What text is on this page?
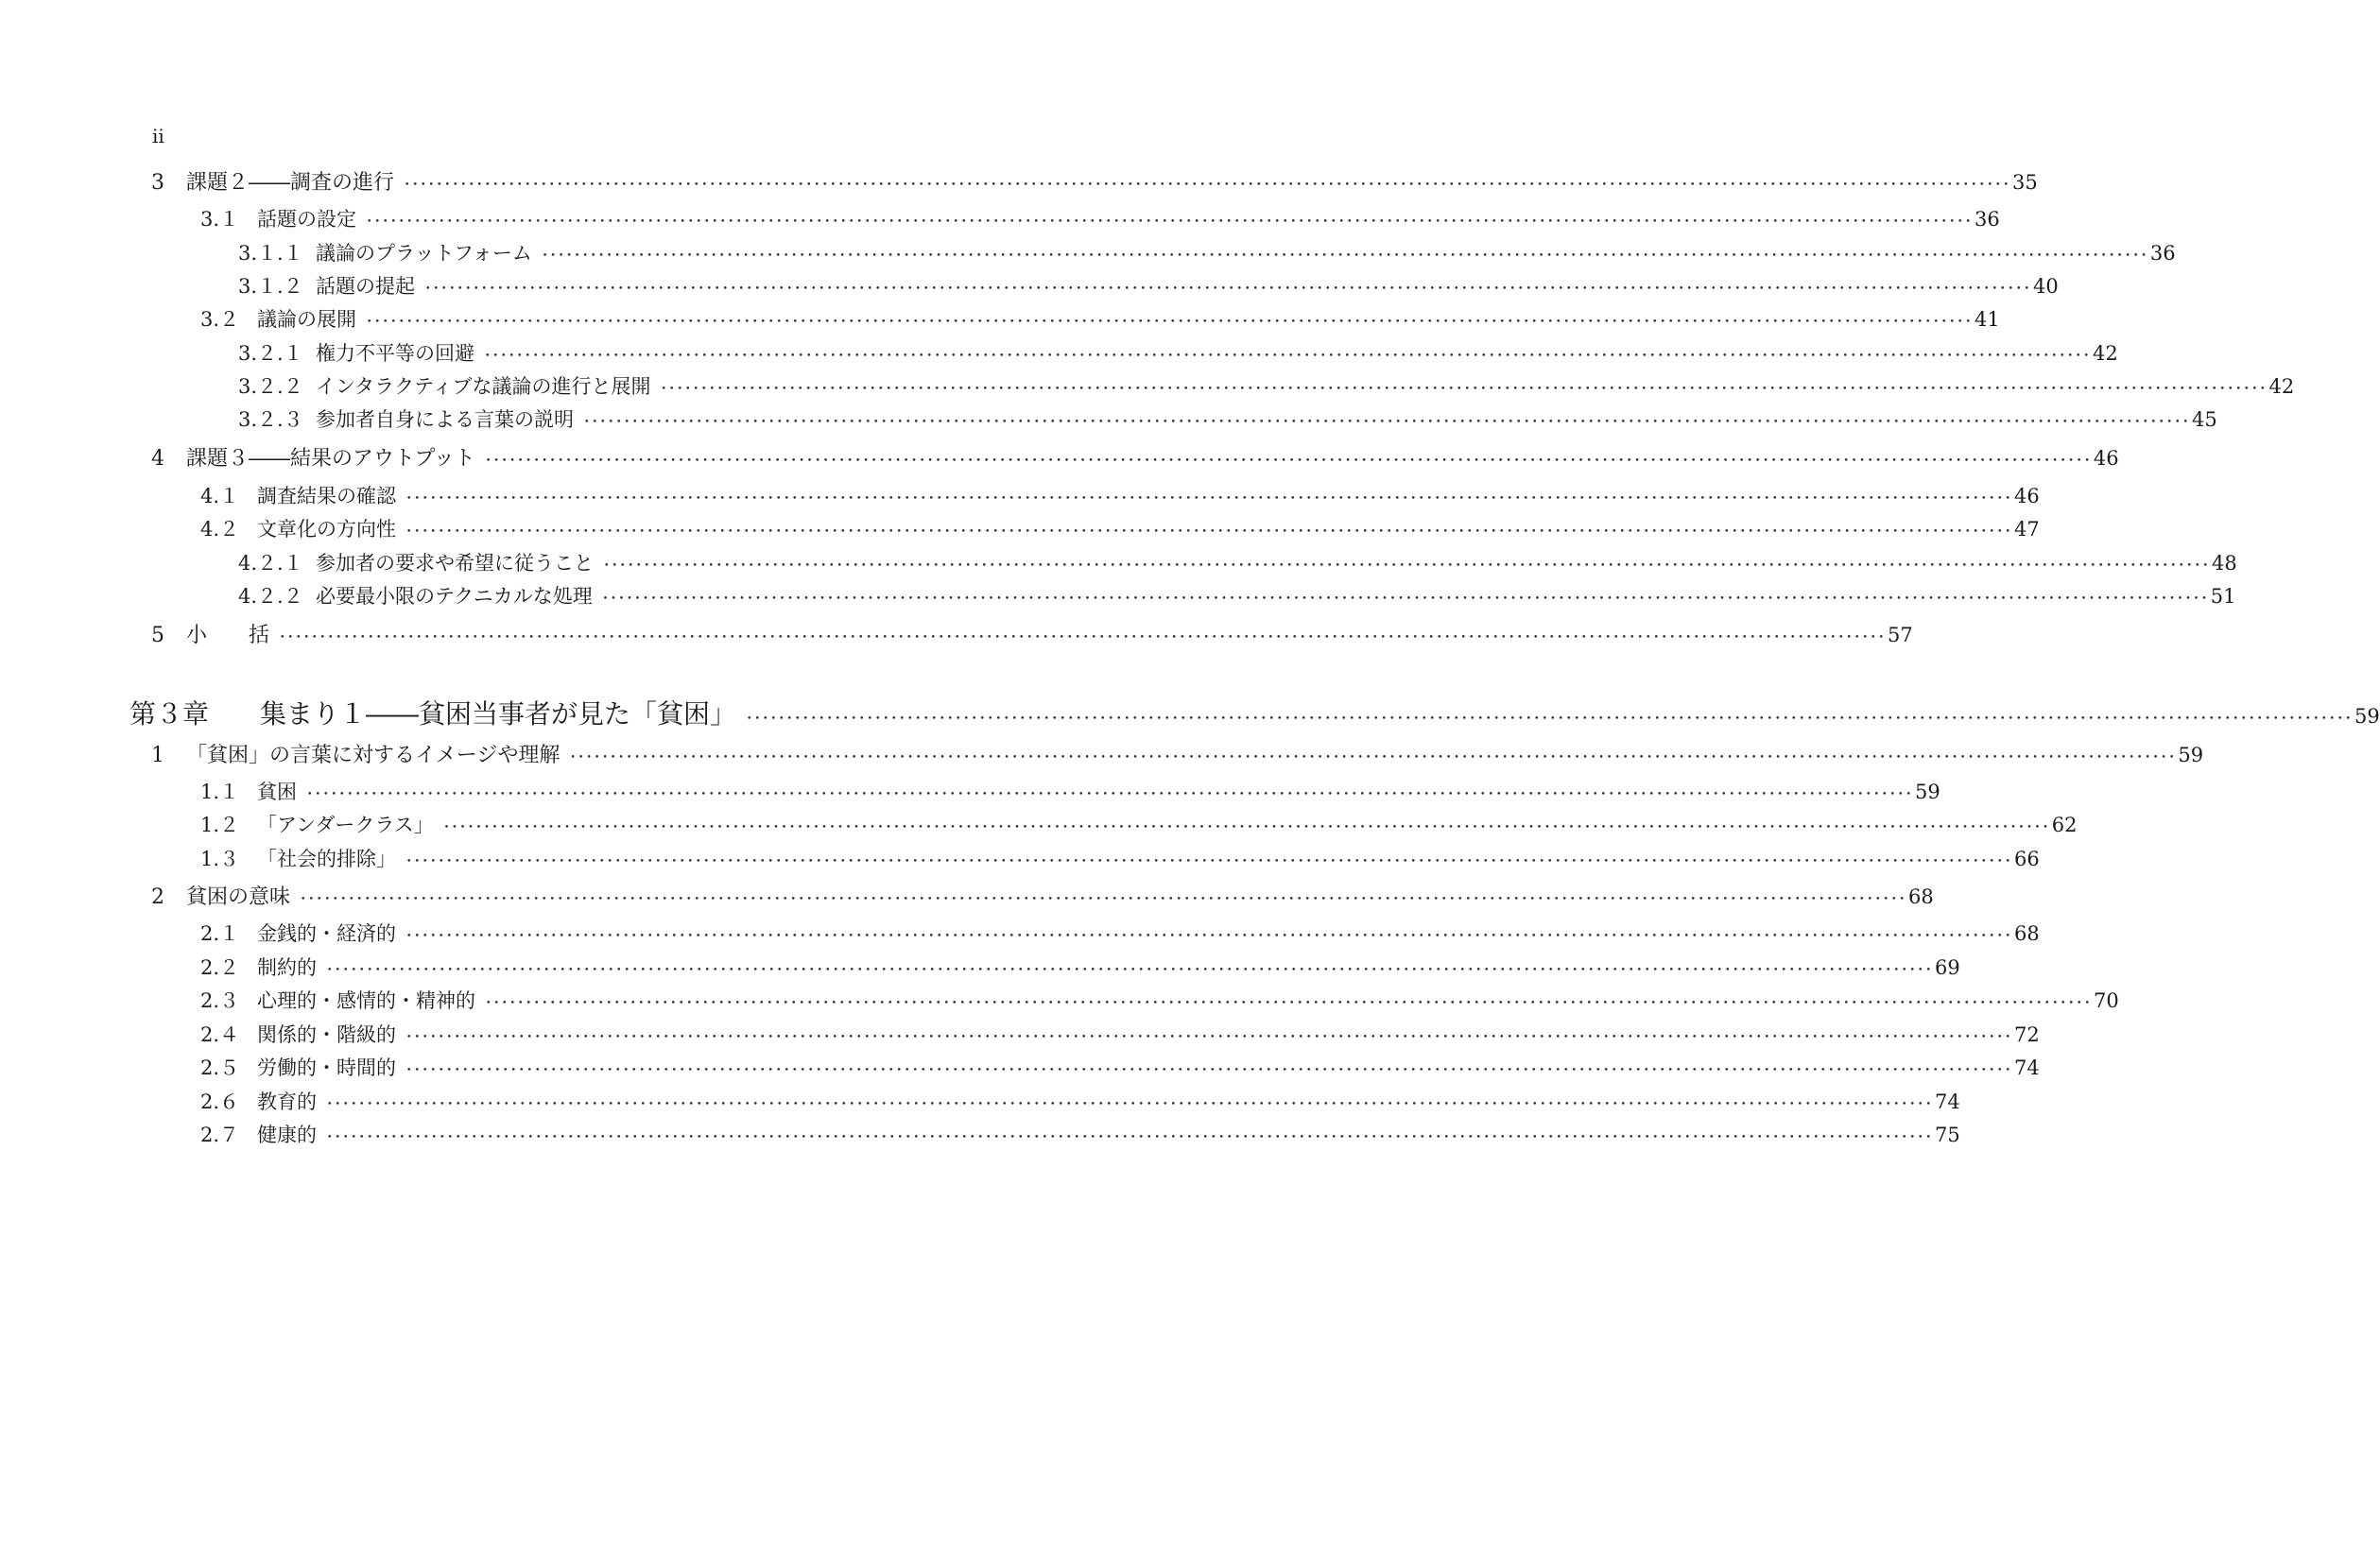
ii
3	課題２――調査の進行 ････････････････････････････････････････････････････････････････････････････････････････････････････････････････････････････････････････････････････････････････････････････････････････････････････････ 35
3.１ 話題の設定 ････････････････････････････････････････････････････････････････････････････････････････････････････････････････････････････････････････････････････････････････････････････････････････････････････････ 36
3.１.１ 議論のプラットフォーム ････････････････････････････････････････････････････････････････････････････････････････････････････････････････････････････････････････････････････････････････････････････････････････････････････････ 36
3.１.２ 話題の提起 ････････････････････････････････････････････････････････････････････････････････････････････････････････････････････････････････････････････････････････････････････････････････････････････････････････ 40
3.２ 議論の展開 ････････････････････････････････････････････････････････････････････････････････････････････････････････････････････････････････････････････････････････････････････････････････････････････････････････ 41
3.２.１ 権力不平等の回避 ････････････････････････････････････････････････････････････････････････････････････････････････････････････････････････････････････････････････････････････････････････････････････････････････････････ 42
3.２.２ インタラクティブな議論の進行と展開 ････････････････････････････････････････････････････････････････････････････････････････････････････････････････････････････････････････････････････････････････････････････････････････････････････････ 42
3.２.３ 参加者自身による言葉の説明 ････････････････････････････････････････････････････････････････････････････････････････････････････････････････････････････････････････････････････････････････････････････････････････････････････････ 45
4	課題３――結果のアウトプット ････････････････････････････････････････････････････････････････････････････････････････････････････････････････････････････････････････････････････････････････････････････････････････････････････････ 46
4.１ 調査結果の確認 ････････････････････････････････････････････････････････････････････････････････････････････････････････････････････････････････････････････････････････････････････････････････････････････････････････ 46
4.２ 文章化の方向性 ････････････････････････････････････････････････････････････････････････････････････････････････････････････････････････････････････････････････････････････････････････････････････････････････････････ 47
4.２.１ 参加者の要求や希望に従うこと ････････････････････････････････････････････････････････････････････････････････････････････････････････････････････････････････････････････････････････････････････････････････････････････････････････ 48
4.２.２ 必要最小限のテクニカルな処理 ････････････････････････････････････････････････････････････････････････････････････････････････････････････････････････････････････････････････････････････････････････････････････････････････････････ 51
5	小　　括 ････････････････････････････････････････････････････････････････････････････････････････････････････････････････････････････････････････････････････････････････････････････････････････････････････････ 57
第３章	集まり１――貧困当事者が見た「貧困」 ････････････････････････････････････････････････････････････････････････････････････････････････････････････････････････････････････････････････････････････････････････････････････････････････････････ 59
1	「貧困」の言葉に対するイメージや理解 ････････････････････････････････････････････････････････････････････････････････････････････････････････････････････････････････････････････････････････････････････････････････････････････････････････ 59
1.１ 貧困 ････････････････････････････････････････････････････････････････････････････････････････････････････････････････････････････････････････････････････････････････････････････････････････････････････････ 59
1.２ 「アンダークラス」 ････････････････････････････････････････････････････････････････････････････････････････････････････････････････････････････････････････････････････････････････････････････････････････････････････････ 62
1.３ 「社会的排除」 ････････････････････････････････････････････････････････････････････････････････････････････････････････････････････････････････････････････････････････････････････････････････････････････････････････ 66
2	貧困の意味 ････････････････････････････････････････････････････････････････････････････････････････････････････････････････････････････････････････････････････････････････････････････････････････････････････････ 68
2.１ 金銭的・経済的 ････････････････････････････････････････････････････････････････････････････････････････････････････････････････････････････････････････････････････････････････････････････････････････････････････････ 68
2.２ 制約的 ････････････････････････････････････････････････････････････････････････････････････････････････････････････････････････････････････････････････････････････････････････････････････････････････････････ 69
2.３ 心理的・感情的・精神的 ････････････････････････････････････････････････････････････････････････････････････････････････････････････････････････････････････････････････････････････････････････････････････････････････････････ 70
2.４ 関係的・階級的 ････････････････････････････････････････････････････････････････････････････････････････････････････････････････････････････････････････････････････････････････････････････････････････････････････････ 72
2.５ 労働的・時間的 ････････････････････････････････････････････････････････････････････････････････････････････････････････････････････････････････････････････････････････････････････････････････････････････････････････ 74
2.６ 教育的 ････････････････････････････････････････････････････････････････････････････････････････････････････････････････････････････････････････････････････････････････････････････････････････････････････････ 74
2.７ 健康的 ････････････････････････････････････････････････････････････････････････････････････････････････････････････････････････････････････････････････････････････････････････････････････････････････････････ 75
